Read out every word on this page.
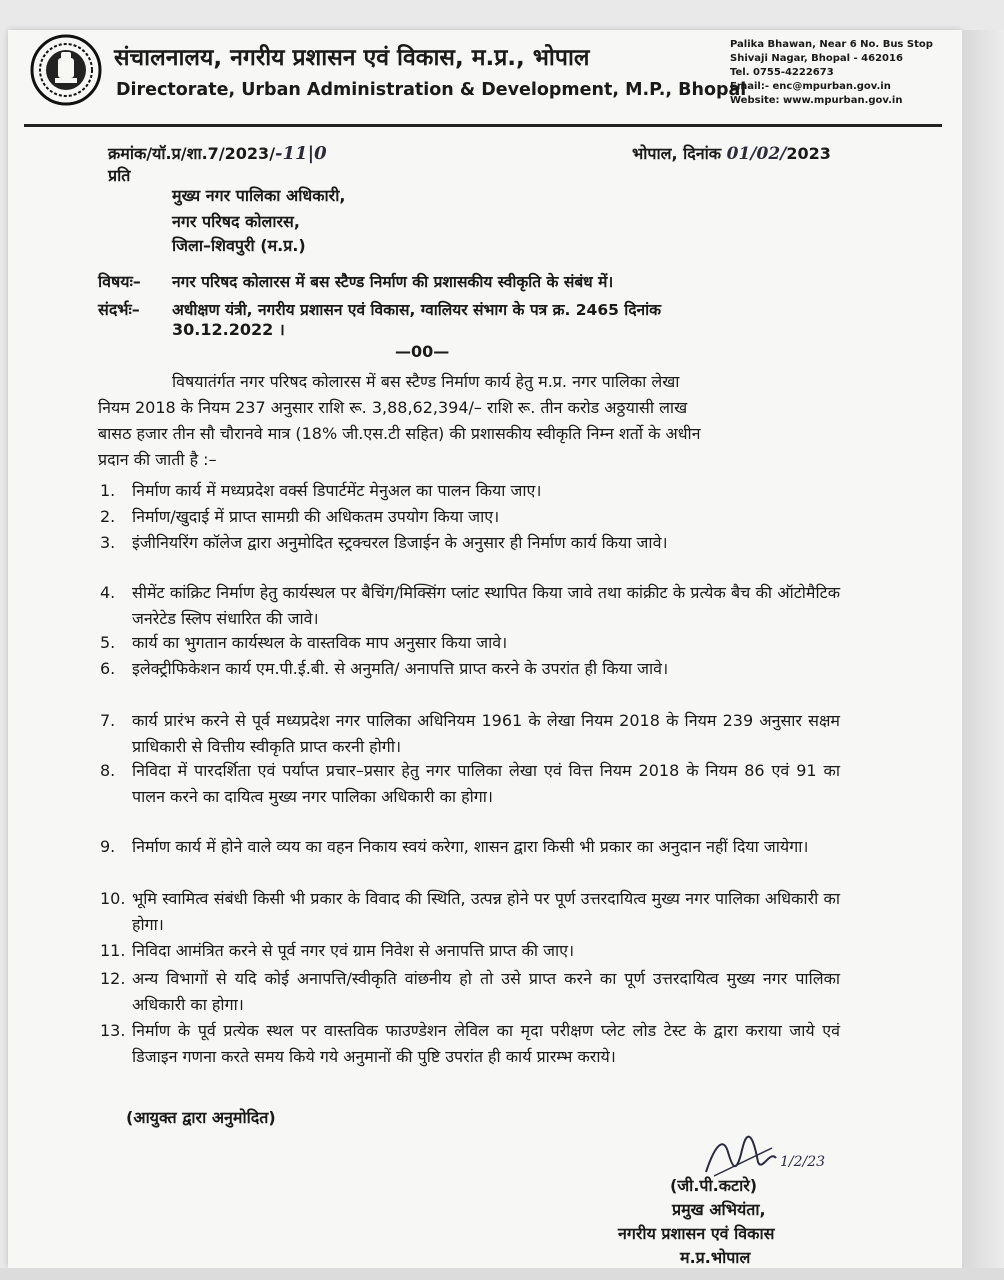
संचालनालय, नगरीय प्रशासन एवं विकास, म.प्र., भोपाल
Directorate, Urban Administration & Development, M.P., Bhopal
Palika Bhawan, Near 6 No. Bus Stop
Shivaji Nagar, Bhopal - 462016
Tel. 0755-4222673
Email:- enc@mpurban.gov.in
Website: www.mpurban.gov.in
क्रमांक/यॉ.प्र/शा.7/2023/-11|0	भोपाल, दिनांक 01/02/2023
प्रति
मुख्य नगर पालिका अधिकारी,
नगर परिषद कोलारस,
जिला–शिवपुरी (म.प्र.)
विषयः– नगर परिषद कोलारस में बस स्टैण्ड निर्माण की प्रशासकीय स्वीकृति के संबंध में।
संदर्भः– अधीक्षण यंत्री, नगरीय प्रशासन एवं विकास, ग्वालियर संभाग के पत्र क्र. 2465 दिनांक
30.12.2022 ।
—00—
विषयातंर्गत नगर परिषद कोलारस में बस स्टैण्ड निर्माण कार्य हेतु म.प्र. नगर पालिका लेखा
नियम 2018 के नियम 237 अनुसार राशि रू. 3,88,62,394/– राशि रू. तीन करोड अठ्ठयासी लाख
बासठ हजार तीन सौ चौरानवे मात्र (18% जी.एस.टी सहित) की प्रशासकीय स्वीकृति निम्न शर्तो के अधीन
प्रदान की जाती है :–
1.	निर्माण कार्य में मध्यप्रदेश वर्क्स डिपार्टमेंट मेनुअल का पालन किया जाए।
2.	निर्माण/खुदाई में प्राप्त सामग्री की अधिकतम उपयोग किया जाए।
3.	इंजीनियरिंग कॉलेज द्वारा अनुमोदित स्ट्रक्चरल डिजाईन के अनुसार ही निर्माण कार्य किया जावे।
4.	सीमेंट कांक्रिट निर्माण हेतु कार्यस्थल पर बैचिंग/मिक्सिंग प्लांट स्थापित किया जावे तथा कांक्रीट के प्रत्येक बैच की ऑटोमैटिक जनरेटेड स्लिप संधारित की जावे।
5.	कार्य का भुगतान कार्यस्थल के वास्तविक माप अनुसार किया जावे।
6.	इलेक्ट्रीफिकेशन कार्य एम.पी.ई.बी. से अनुमति/ अनापत्ति प्राप्त करने के उपरांत ही किया जावे।
7.	कार्य प्रारंभ करने से पूर्व मध्यप्रदेश नगर पालिका अधिनियम 1961 के लेखा नियम 2018 के नियम 239 अनुसार सक्षम प्राधिकारी से वित्तीय स्वीकृति प्राप्त करनी होगी।
8.	निविदा में पारदर्शिता एवं पर्याप्त प्रचार–प्रसार हेतु नगर पालिका लेखा एवं वित्त नियम 2018 के नियम 86 एवं 91 का पालन करने का दायित्व मुख्य नगर पालिका अधिकारी का होगा।
9.	निर्माण कार्य में होने वाले व्यय का वहन निकाय स्वयं करेगा, शासन द्वारा किसी भी प्रकार का अनुदान नहीं दिया जायेगा।
10. भूमि स्वामित्व संबंधी किसी भी प्रकार के विवाद की स्थिति, उत्पन्न होने पर पूर्ण उत्तरदायित्व मुख्य नगर पालिका अधिकारी का होगा।
11. निविदा आमंत्रित करने से पूर्व नगर एवं ग्राम निवेश से अनापत्ति प्राप्त की जाए।
12. अन्य विभागों से यदि कोई अनापत्ति/स्वीकृति वांछनीय हो तो उसे प्राप्त करने का पूर्ण उत्तरदायित्व मुख्य नगर पालिका अधिकारी का होगा।
13. निर्माण के पूर्व प्रत्येक स्थल पर वास्तविक फाउण्डेशन लेविल का मृदा परीक्षण प्लेट लोड टेस्ट के द्वारा कराया जाये एवं डिजाइन गणना करते समय किये गये अनुमानों की पुष्टि उपरांत ही कार्य प्रारम्भ कराये।
(आयुक्त द्वारा अनुमोदित)
1/2/23
(जी.पी.कटारे)
प्रमुख अभियंता,
नगरीय प्रशासन एवं विकास
म.प्र.भोपाल
